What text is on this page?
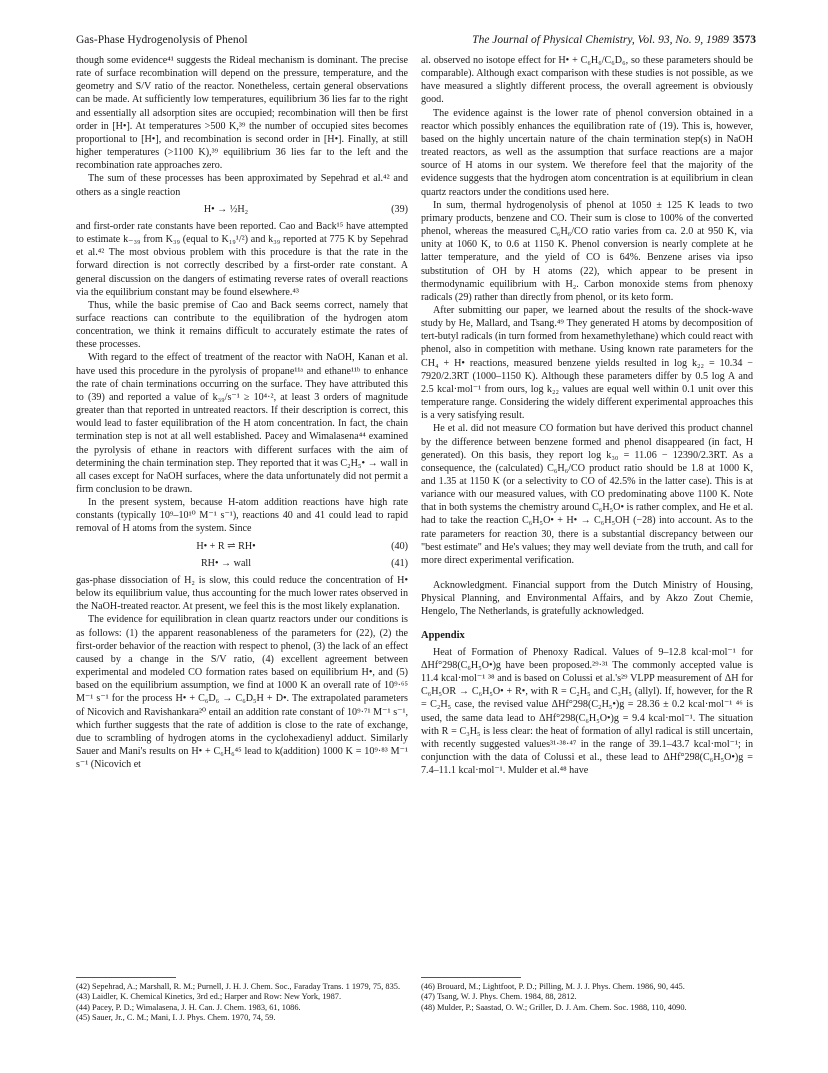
Gas-Phase Hydrogenolysis of Phenol	The Journal of Physical Chemistry, Vol. 93, No. 9, 1989 3573

though some evidence⁴¹ suggests the Rideal mechanism is dominant. The precise rate of surface recombination will depend on the pressure, temperature, and the geometry and S/V ratio of the reactor. Nonetheless, certain general observations can be made. At sufficiently low temperatures, equilibrium 36 lies far to the right and essentially all adsorption sites are occupied; recombination will then be first order in [H•]. At temperatures >500 K,³⁹ the number of occupied sites becomes proportional to [H•], and recombination is second order in [H•]. Finally, at still higher temperatures (>1100 K),³⁹ equilibrium 36 lies far to the left and the recombination rate approaches zero.

The sum of these processes has been approximated by Sepehrad et al.⁴² and others as a single reaction

H• → ½H₂	(39)

and first-order rate constants have been reported. Cao and Back¹⁵ have attempted to estimate k₋₃₉ from K₃₉ (equal to K₁₉¹/²) and k₃₉ reported at 775 K by Sepehrad et al.⁴² The most obvious problem with this procedure is that the rate in the forward direction is not correctly described by a first-order rate constant. A general discussion on the dangers of estimating reverse rates of overall reactions via the equilibrium constant may be found elsewhere.⁴³

Thus, while the basic premise of Cao and Back seems correct, namely that surface reactions can contribute to the equilibration of the hydrogen atom concentration, we think it remains difficult to accurately estimate the rates of these processes.

With regard to the effect of treatment of the reactor with NaOH, Kanan et al. have used this procedure in the pyrolysis of propane¹¹ᵃ and ethane¹¹ᵇ to enhance the rate of chain terminations occurring on the surface. They have attributed this to (39) and reported a value of k₃₉/s⁻¹ ≥ 10⁴·², at least 3 orders of magnitude greater than that reported in untreated reactors. If their description is correct, this would lead to faster equilibration of the H atom concentration. In fact, the chain termination step is not at all well established. Pacey and Wimalasena⁴⁴ examined the pyrolysis of ethane in reactors with different surfaces with the aim of determining the chain termination step. They reported that it was C₂H₅• → wall in all cases except for NaOH surfaces, where the data unfortunately did not permit a firm conclusion to be drawn.

In the present system, because H-atom addition reactions have high rate constants (typically 10⁹–10¹⁰ M⁻¹ s⁻¹), reactions 40 and 41 could lead to rapid removal of H atoms from the system. Since

H• + R ⇌ RH•	(40)
RH• → wall	(41)

gas-phase dissociation of H₂ is slow, this could reduce the concentration of H• below its equilibrium value, thus accounting for the much lower rates observed in the NaOH-treated reactor. At present, we feel this is the most likely explanation.

The evidence for equilibration in clean quartz reactors under our conditions is as follows: (1) the apparent reasonableness of the parameters for (22), (2) the first-order behavior of the reaction with respect to phenol, (3) the lack of an effect caused by a change in the S/V ratio, (4) excellent agreement between experimental and modeled CO formation rates based on equilibrium H•, and (5) based on the equilibrium assumption, we find at 1000 K an overall rate of 10⁹·⁶⁵ M⁻¹ s⁻¹ for the process H• + C₆D₆ → C₆D₅H + D•. The extrapolated parameters of Nicovich and Ravishankara²⁰ entail an addition rate constant of 10⁹·⁷¹ M⁻¹ s⁻¹, which further suggests that the rate of addition is close to the rate of exchange, due to scrambling of hydrogen atoms in the cyclohexadienyl adduct. Similarly Sauer and Mani's results on H• + C₆H₆⁴⁵ lead to k(addition) 1000 K = 10⁹·⁸³ M⁻¹ s⁻¹ (Nicovich et

al. observed no isotope effect for H• + C₆H₆/C₆D₆, so these parameters should be comparable). Although exact comparison with these studies is not possible, as we have measured a slightly different process, the overall agreement is obviously good.

The evidence against is the lower rate of phenol conversion obtained in a reactor which possibly enhances the equilibration rate of (19). This is, however, based on the highly uncertain nature of the chain termination step(s) in NaOH treated reactors, as well as the assumption that surface reactions are a major source of H atoms in our system. We therefore feel that the majority of the evidence suggests that the hydrogen atom concentration is at equilibrium in clean quartz reactors under the conditions used here.

In sum, thermal hydrogenolysis of phenol at 1050 ± 125 K leads to two primary products, benzene and CO. Their sum is close to 100% of the converted phenol, whereas the measured C₆H₆/CO ratio varies from ca. 2.0 at 950 K, via unity at 1060 K, to 0.6 at 1150 K. Phenol conversion is nearly complete at he latter temperature, and the yield of CO is 64%. Benzene arises via ipso substitution of OH by H atoms (22), which appear to be present in thermodynamic equilibrium with H₂. Carbon monoxide stems from phenoxy radicals (29) rather than directly from phenol, or its keto form.

After submitting our paper, we learned about the results of the shock-wave study by He, Mallard, and Tsang.⁴⁹ They generated H atoms by decomposition of tert-butyl radicals (in turn formed from hexamethylethane) which could react with phenol, also in competition with methane. Using known rate parameters for the CH₄ + H• reactions, measured benzene yields resulted in log k₂₂ = 10.34 − 7920/2.3RT (1000–1150 K). Although these parameters differ by 0.5 log A and 2.5 kcal·mol⁻¹ from ours, log k₂₂ values are equal well within 0.1 unit over this temperature range. Considering the widely different experimental approaches this is a very satisfying result.

He et al. did not measure CO formation but have derived this product channel by the difference between benzene formed and phenol disappeared (in fact, H generated). On this basis, they report log k₃₀ = 11.06 − 12390/2.3RT. As a consequence, the (calculated) C₆H₆/CO product ratio should be 1.8 at 1000 K, and 1.35 at 1150 K (or a selectivity to CO of 42.5% in the latter case). This is at variance with our measured values, with CO predominating above 1100 K. Note that in both systems the chemistry around C₆H₅O• is rather complex, and He et al. had to take the reaction C₆H₅O• + H• → C₆H₅OH (−28) into account. As to the rate parameters for reaction 30, there is a substantial discrepancy between our "best estimate" and He's values; they may well deviate from the truth, and call for more direct experimental verification.

Acknowledgment. Financial support from the Dutch Ministry of Housing, Physical Planning, and Environmental Affairs, and by Akzo Zout Chemie, Hengelo, The Netherlands, is gratefully acknowledged.

Appendix

Heat of Formation of Phenoxy Radical. Values of 9–12.8 kcal·mol⁻¹ for ΔHf°298(C₆H₅O•)g have been proposed.²⁹·³¹ The commonly accepted value is 11.4 kcal·mol⁻¹ ³⁸ and is based on Colussi et al.'s²⁹ VLPP measurement of ΔH for C₆H₅OR → C₆H₅O• + R•, with R = C₂H₅ and C₃H₅ (allyl). If, however, for the R = C₂H₅ case, the revised value ΔHf°298(C₂H₅•)g = 28.36 ± 0.2 kcal·mol⁻¹ ⁴⁶ is used, the same data lead to ΔHf°298(C₆H₅O•)g = 9.4 kcal·mol⁻¹. The situation with R = C₃H₅ is less clear: the heat of formation of allyl radical is still uncertain, with recently suggested values³¹·³⁸·⁴⁷ in the range of 39.1–43.7 kcal·mol⁻¹; in conjunction with the data of Colussi et al., these lead to ΔHf°298(C₆H₅O•)g = 7.4–11.1 kcal·mol⁻¹. Mulder et al.⁴⁸ have

(42) Sepehrad, A.; Marshall, R. M.; Purnell, J. H. J. Chem. Soc., Faraday Trans. 1 1979, 75, 835.
(43) Laidler, K. Chemical Kinetics, 3rd ed.; Harper and Row: New York, 1987.
(44) Pacey, P. D.; Wimalasena, J. H. Can. J. Chem. 1983, 61, 1086.
(45) Sauer, Jr., C. M.; Mani, I. J. Phys. Chem. 1970, 74, 59.
(46) Brouard, M.; Lightfoot, P. D.; Pilling, M. J. J. Phys. Chem. 1986, 90, 445.
(47) Tsang, W. J. Phys. Chem. 1984, 88, 2812.
(48) Mulder, P.; Saastad, O. W.; Griller, D. J. Am. Chem. Soc. 1988, 110, 4090.
